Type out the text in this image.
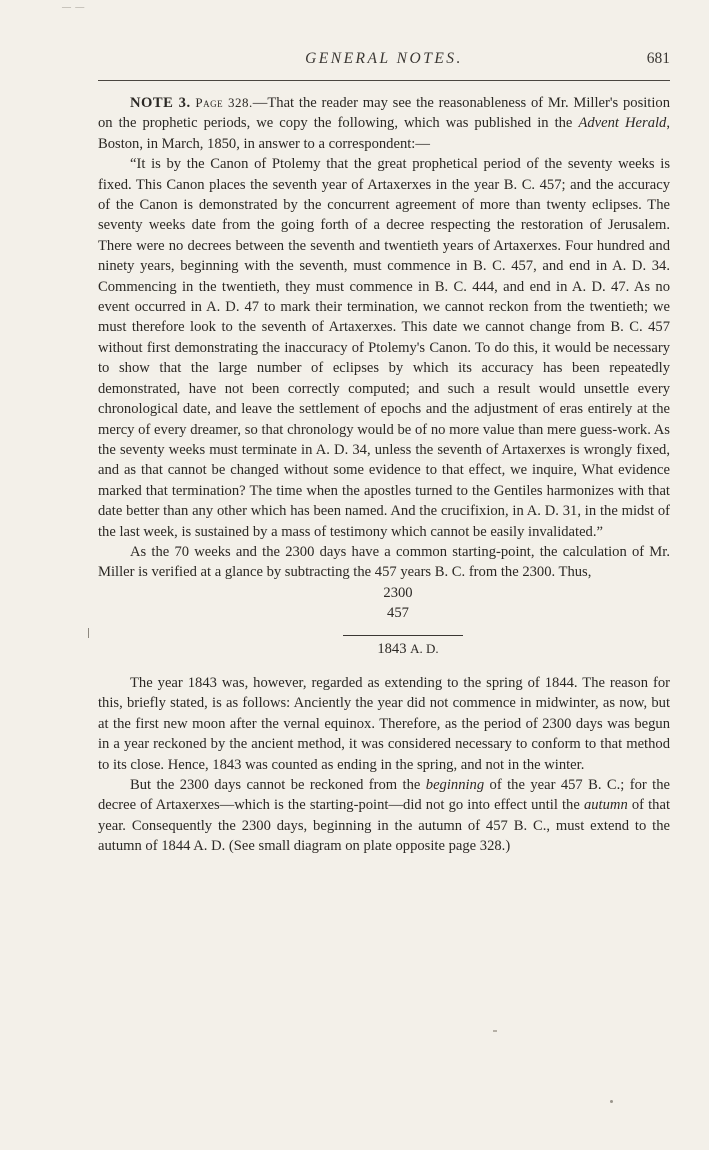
— —
GENERAL NOTES.	681

NOTE 3. Page 328.—That the reader may see the reasonableness of Mr. Miller's position on the prophetic periods, we copy the following, which was published in the Advent Herald, Boston, in March, 1850, in answer to a correspondent:—

“It is by the Canon of Ptolemy that the great prophetical period of the seventy weeks is fixed. This Canon places the seventh year of Artaxerxes in the year B. C. 457; and the accuracy of the Canon is demonstrated by the concurrent agreement of more than twenty eclipses. The seventy weeks date from the going forth of a decree respecting the restoration of Jerusalem. There were no decrees between the seventh and twentieth years of Artaxerxes. Four hundred and ninety years, beginning with the seventh, must commence in B. C. 457, and end in A. D. 34. Commencing in the twentieth, they must commence in B. C. 444, and end in A. D. 47. As no event occurred in A. D. 47 to mark their termination, we cannot reckon from the twentieth; we must therefore look to the seventh of Artaxerxes. This date we cannot change from B. C. 457 without first demonstrating the inaccuracy of Ptolemy's Canon. To do this, it would be necessary to show that the large number of eclipses by which its accuracy has been repeatedly demonstrated, have not been correctly computed; and such a result would unsettle every chronological date, and leave the settlement of epochs and the adjustment of eras entirely at the mercy of every dreamer, so that chronology would be of no more value than mere guess-work. As the seventy weeks must terminate in A. D. 34, unless the seventh of Artaxerxes is wrongly fixed, and as that cannot be changed without some evidence to that effect, we inquire, What evidence marked that termination? The time when the apostles turned to the Gentiles harmonizes with that date better than any other which has been named. And the crucifixion, in A. D. 31, in the midst of the last week, is sustained by a mass of testimony which cannot be easily invalidated.”

As the 70 weeks and the 2300 days have a common starting-point, the calculation of Mr. Miller is verified at a glance by subtracting the 457 years B. C. from the 2300. Thus,

2300
457
1843 A. D.

The year 1843 was, however, regarded as extending to the spring of 1844. The reason for this, briefly stated, is as follows: Anciently the year did not commence in midwinter, as now, but at the first new moon after the vernal equinox. Therefore, as the period of 2300 days was begun in a year reckoned by the ancient method, it was considered necessary to conform to that method to its close. Hence, 1843 was counted as ending in the spring, and not in the winter.

But the 2300 days cannot be reckoned from the beginning of the year 457 B. C.; for the decree of Artaxerxes—which is the starting-point—did not go into effect until the autumn of that year. Consequently the 2300 days, beginning in the autumn of 457 B. C., must extend to the autumn of 1844 A. D. (See small diagram on plate opposite page 328.)
